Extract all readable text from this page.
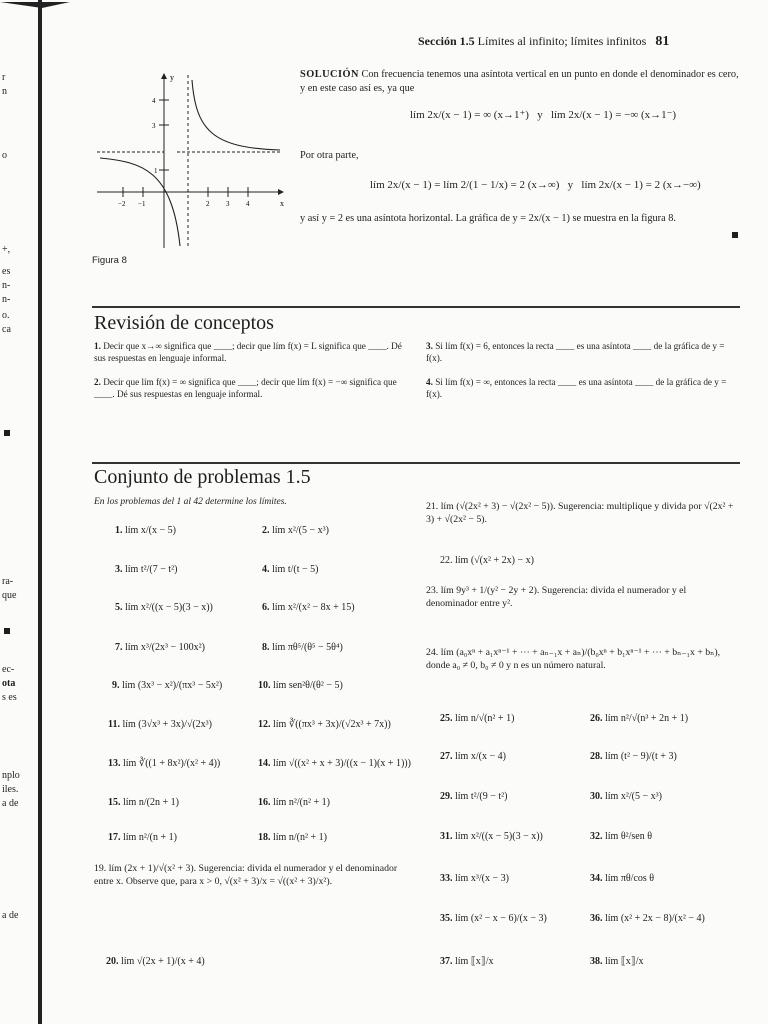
r
n
o
+,
es
n-
n-
o.
ca
ra-
que
ec-
ota
s es
nplo
iles.
a de
a de
Sección 1.5 Límites al infinito; límites infinitos 81
y
x
4
3
1
−2 −1	2 3 4
Figura 8
SOLUCIÓN Con frecuencia tenemos una asíntota vertical en un punto en donde el denominador es cero, y en este caso así es, ya que
lím 2x/(x − 1) = ∞ (x→1⁺) y lím 2x/(x − 1) = −∞ (x→1⁻)
Por otra parte,
lím 2x/(x − 1) = lím 2/(1 − 1/x) = 2 (x→∞) y lím 2x/(x − 1) = 2 (x→−∞)
y así y = 2 es una asíntota horizontal. La gráfica de y = 2x/(x − 1) se muestra en la figura 8.
Revisión de conceptos
1. Decir que x→∞ significa que ____; decir que lím f(x) = L significa que ____. Dé sus respuestas en lenguaje informal.
2. Decir que lím f(x) = ∞ significa que ____; decir que lím f(x) = −∞ significa que ____. Dé sus respuestas en lenguaje informal.
3. Si lím f(x) = 6, entonces la recta ____ es una asíntota ____ de la gráfica de y = f(x).
4. Si lím f(x) = ∞, entonces la recta ____ es una asíntota ____ de la gráfica de y = f(x).
Conjunto de problemas 1.5
En los problemas del 1 al 42 determine los límites.
1. lím x/(x − 5)	2. lím x²/(5 − x³)
3. lím t²/(7 − t²)	4. lím t/(t − 5)
5. lím x²/((x − 5)(3 − x))	6. lím x²/(x² − 8x + 15)
7. lím x³/(2x³ − 100x²)	8. lím πθ⁵/(θ⁵ − 5θ⁴)
9. lím (3x³ − x²)/(πx³ − 5x²)	10. lím sen²θ/(θ² − 5)
11. lím (3√x³ + 3x)/√(2x³)	12. lím ∛((πx³ + 3x)/(√2x³ + 7x))
13. lím ∛((1 + 8x²)/(x² + 4))	14. lím √((x² + x + 3)/((x − 1)(x + 1)))
15. lím n/(2n + 1)	16. lím n²/(n² + 1)
17. lím n²/(n + 1)	18. lím n/(n² + 1)
19. lím (2x + 1)/√(x² + 3). Sugerencia: divida el numerador y el denominador entre x. Observe que, para x > 0, √(x² + 3)/x = √((x² + 3)/x²).
20. lím √(2x + 1)/(x + 4)
21. lím (√(2x² + 3) − √(2x² − 5)). Sugerencia: multiplique y divida por √(2x² + 3) + √(2x² − 5).
22. lím (√(x² + 2x) − x)
23. lím 9y³ + 1/(y² − 2y + 2). Sugerencia: divida el numerador y el denominador entre y².
24. lím (a₀xⁿ + a₁xⁿ⁻¹ + ⋯ + aₙ₋₁x + aₙ)/(b₀xⁿ + b₁xⁿ⁻¹ + ⋯ + bₙ₋₁x + bₙ), donde a₀ ≠ 0, b₀ ≠ 0 y n es un número natural.
25. lím n/√(n² + 1)	26. lím n²/√(n³ + 2n + 1)
27. lím x/(x − 4)	28. lím (t² − 9)/(t + 3)
29. lím t²/(9 − t²)	30. lím x²/(5 − x³)
31. lím x²/((x − 5)(3 − x))	32. lím θ²/sen θ
33. lím x³/(x − 3)	34. lím πθ/cos θ
35. lím (x² − x − 6)/(x − 3)	36. lím (x² + 2x − 8)/(x² − 4)
37. lím ⟦x⟧/x	38. lím ⟦x⟧/x
